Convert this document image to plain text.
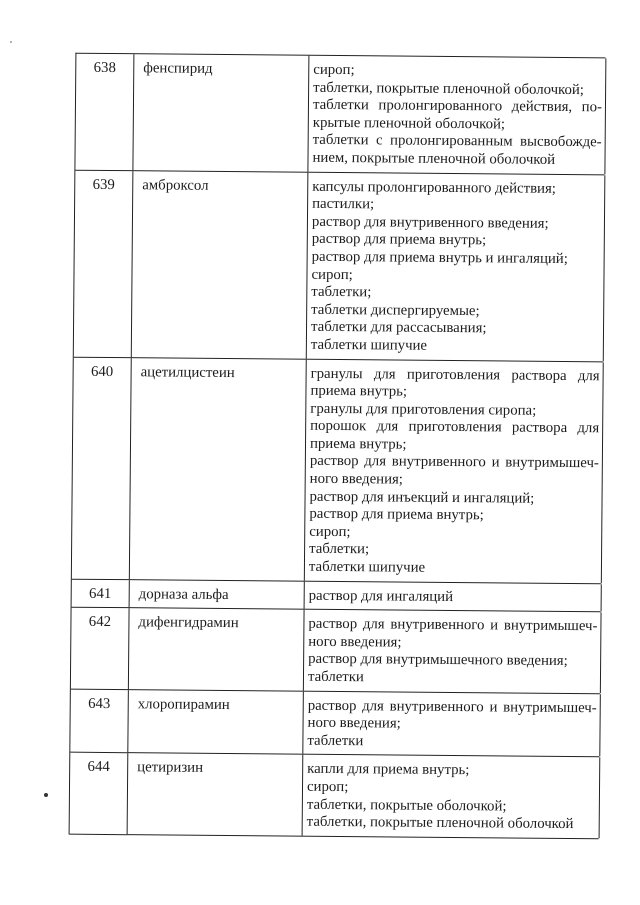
638	фенспирид	сироп;
таблетки, покрытые пленочной оболочкой;
таблетки пролонгированного действия, по-
крытые пленочной оболочкой;
таблетки с пролонгированным высвобожде-
нием, покрытые пленочной оболочкой
639	амброксол	капсулы пролонгированного действия;
пастилки;
раствор для внутривенного введения;
раствор для приема внутрь;
раствор для приема внутрь и ингаляций;
сироп;
таблетки;
таблетки диспергируемые;
таблетки для рассасывания;
таблетки шипучие
640	ацетилцистеин	гранулы для приготовления раствора для
приема внутрь;
гранулы для приготовления сиропа;
порошок для приготовления раствора для
приема внутрь;
раствор для внутривенного и внутримышеч-
ного введения;
раствор для инъекций и ингаляций;
раствор для приема внутрь;
сироп;
таблетки;
таблетки шипучие
641	дорназа альфа	раствор для ингаляций
642	дифенгидрамин	раствор для внутривенного и внутримышеч-
ного введения;
раствор для внутримышечного введения;
таблетки
643	хлоропирамин	раствор для внутривенного и внутримышеч-
ного введения;
таблетки
644	цетиризин	капли для приема внутрь;
сироп;
таблетки, покрытые оболочкой;
таблетки, покрытые пленочной оболочкой
